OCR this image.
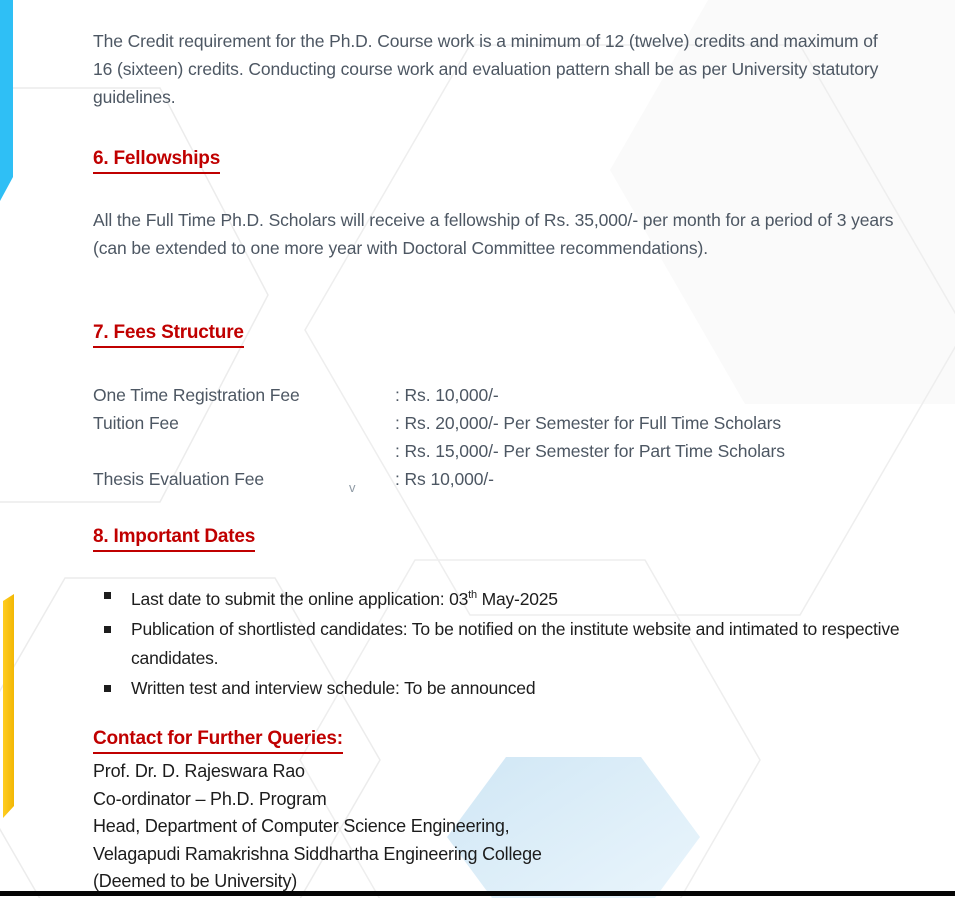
The Credit requirement for the Ph.D. Course work is a minimum of 12 (twelve) credits and maximum of 16 (sixteen) credits. Conducting course work and evaluation pattern shall be as per University statutory guidelines.
6. Fellowships
All the Full Time Ph.D. Scholars will receive a fellowship of Rs. 35,000/- per month for a period of 3 years (can be extended to one more year with Doctoral Committee recommendations).
7. Fees Structure
One Time Registration Fee	: Rs. 10,000/-
Tuition Fee	: Rs. 20,000/- Per Semester for Full Time Scholars
: Rs. 15,000/- Per Semester for Part Time Scholars
Thesis Evaluation Fee	: Rs 10,000/-
v
8. Important Dates
Last date to submit the online application: 03th May-2025
Publication of shortlisted candidates: To be notified on the institute website and intimated to respective candidates.
Written test and interview schedule: To be announced
Contact for Further Queries:
Prof. Dr. D. Rajeswara Rao
Co-ordinator – Ph.D. Program
Head, Department of Computer Science Engineering,
Velagapudi Ramakrishna Siddhartha Engineering College
(Deemed to be University)
